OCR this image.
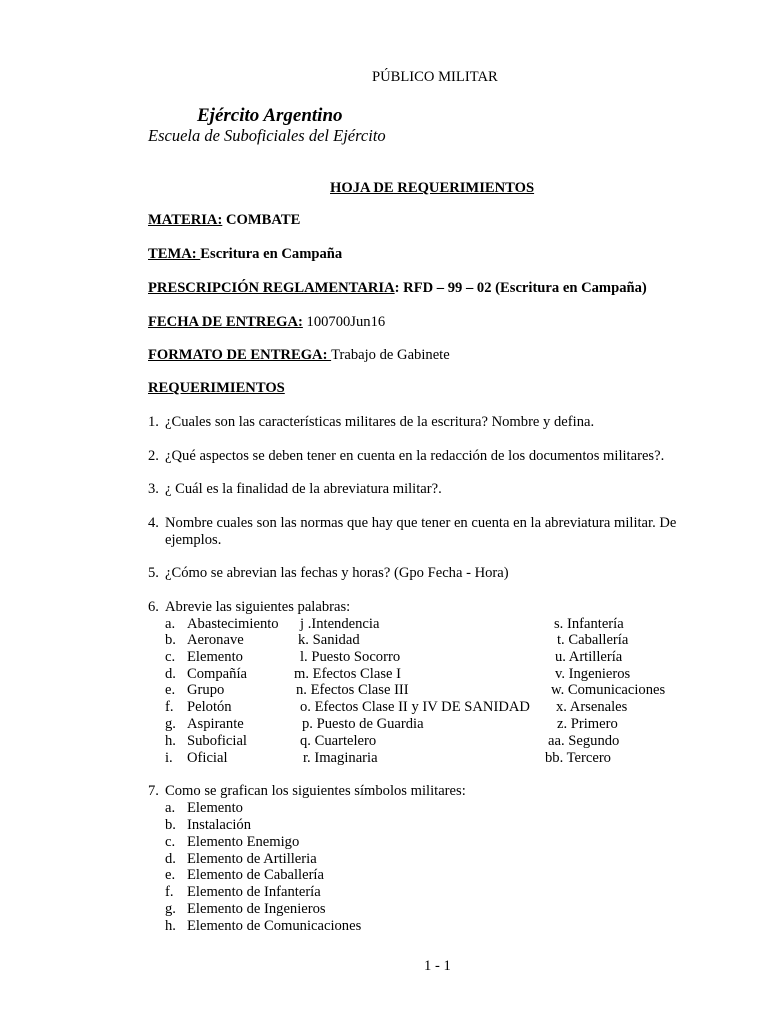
PÚBLICO MILITAR
Ejército Argentino
Escuela de Suboficiales del Ejército
HOJA DE REQUERIMIENTOS
MATERIA: COMBATE
TEMA: Escritura en Campaña
PRESCRIPCIÓN REGLAMENTARIA: RFD – 99 – 02 (Escritura en Campaña)
FECHA DE ENTREGA: 100700Jun16
FORMATO DE ENTREGA: Trabajo de Gabinete
REQUERIMIENTOS
1. ¿Cuales son las características militares de la escritura? Nombre y defina.
2. ¿Qué aspectos se deben tener en cuenta en la redacción de los documentos militares?.
3. ¿ Cuál es la finalidad de la abreviatura militar?.
4. Nombre cuales son las normas que hay que tener en cuenta en la abreviatura militar. De
ejemplos.
5. ¿Cómo se abrevian las fechas y horas? (Gpo Fecha - Hora)
6. Abrevie las siguientes palabras:
a. Abastecimiento j .Intendencia	s. Infantería
b. Aeronave	k. Sanidad	t. Caballería
c. Elemento	l. Puesto Socorro	u. Artillería
d. Compañía	m. Efectos Clase I	v. Ingenieros
e. Grupo	n. Efectos Clase III	w. Comunicaciones
f. Pelotón	o. Efectos Clase II y IV DE SANIDAD x. Arsenales
g. Aspirante	p. Puesto de Guardia	z. Primero
h. Suboficial	q. Cuartelero	aa. Segundo
i. Oficial	r. Imaginaria	bb. Tercero
7. Como se grafican los siguientes símbolos militares:
a. Elemento
b. Instalación
c. Elemento Enemigo
d. Elemento de Artilleria
e. Elemento de Caballería
f. Elemento de Infantería
g. Elemento de Ingenieros
h. Elemento de Comunicaciones
1 - 1
